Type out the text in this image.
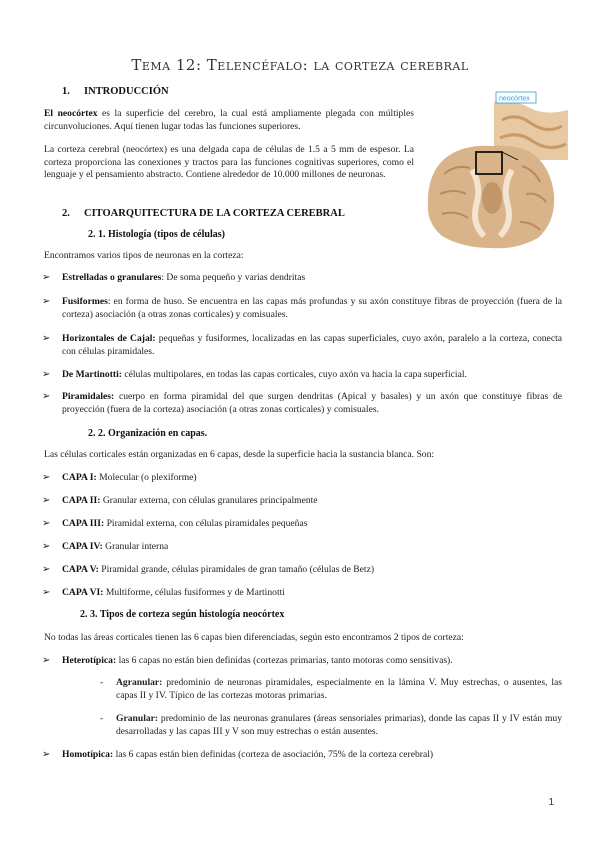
Tema 12: Telencéfalo: la corteza cerebral
1. INTRODUCCIÓN
El neocórtex es la superficie del cerebro, la cual está ampliamente plegada con múltiples circunvoluciones. Aquí tienen lugar todas las funciones superiores.
La corteza cerebral (neocórtex) es una delgada capa de células de 1.5 a 5 mm de espesor. La corteza proporciona las conexiones y tractos para las funciones cognitivas superiores, como el lenguaje y el pensamiento abstracto. Contiene alrededor de 10.000 millones de neuronas.
neocórtex
2. CITOARQUITECTURA DE LA CORTEZA CEREBRAL
2. 1. Histología (tipos de células)
Encontramos varios tipos de neuronas en la corteza:
➢ Estrelladas o granulares: De soma pequeño y varias dendritas
➢ Fusiformes: en forma de huso. Se encuentra en las capas más profundas y su axón constituye fibras de proyección (fuera de la corteza) asociación (a otras zonas corticales) y comisuales.
➢ Horizontales de Cajal: pequeñas y fusiformes, localizadas en las capas superficiales, cuyo axón, paralelo a la corteza, conecta con células piramidales.
➢ De Martinotti: células multipolares, en todas las capas corticales, cuyo axón va hacia la capa superficial.
➢ Piramidales: cuerpo en forma piramidal del que surgen dendritas (Apical y basales) y un axón que constituye fibras de proyección (fuera de la corteza) asociación (a otras zonas corticales) y comisuales.
2. 2. Organización en capas.
Las células corticales están organizadas en 6 capas, desde la superficie hacia la sustancia blanca. Son:
➢ CAPA I: Molecular (o plexiforme)
➢ CAPA II: Granular externa, con células granulares principalmente
➢ CAPA III: Piramidal externa, con células piramidales pequeñas
➢ CAPA IV: Granular interna
➢ CAPA V: Piramidal grande, células piramidales de gran tamaño (células de Betz)
➢ CAPA VI: Multiforme, células fusiformes y de Martinotti
2. 3. Tipos de corteza según histología neocórtex
No todas las áreas corticales tienen las 6 capas bien diferenciadas, según esto encontramos 2 tipos de corteza:
➢ Heterotípica: las 6 capas no están bien definidas (cortezas primarias, tanto motoras como sensitivas).
- Agranular: predominio de neuronas piramidales, especialmente en la lámina V. Muy estrechas, o ausentes, las capas II y IV. Típico de las cortezas motoras primarias.
- Granular: predominio de las neuronas granulares (áreas sensoriales primarias), donde las capas II y IV están muy desarrolladas y las capas III y V son muy estrechas o están ausentes.
➢ Homotípica: las 6 capas están bien definidas (corteza de asociación, 75% de la corteza cerebral)
1
